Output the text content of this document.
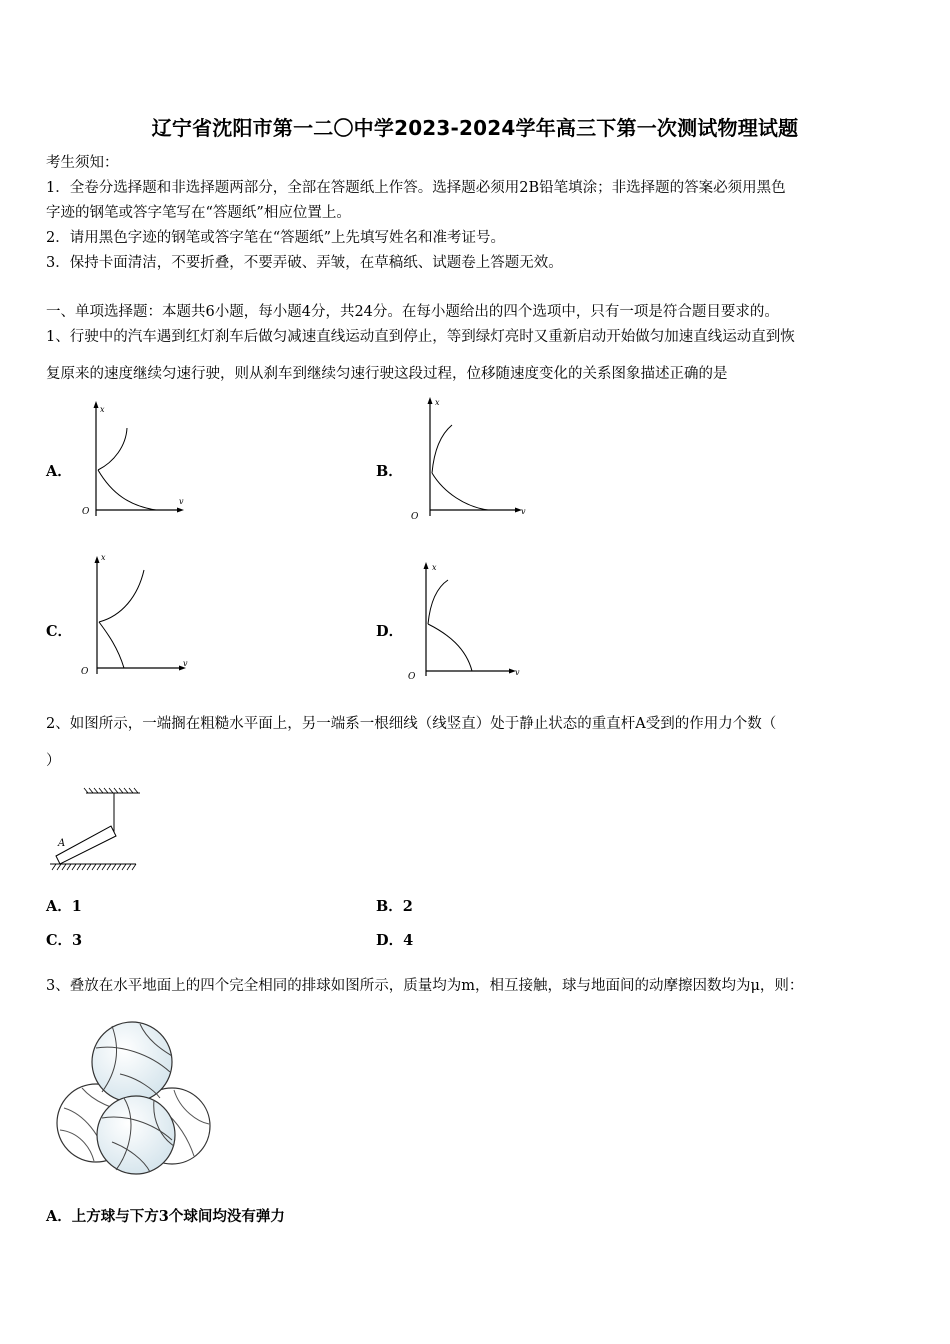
辽宁省沈阳市第一二〇中学2023-2024学年高三下第一次测试物理试题
考生须知：
1．全卷分选择题和非选择题两部分，全部在答题纸上作答。选择题必须用2B铅笔填涂；非选择题的答案必须用黑色
字迹的钢笔或答字笔写在“答题纸”相应位置上。
2．请用黑色字迹的钢笔或答字笔在“答题纸”上先填写姓名和准考证号。
3．保持卡面清洁，不要折叠，不要弄破、弄皱，在草稿纸、试题卷上答题无效。
一、单项选择题：本题共6小题，每小题4分，共24分。在每小题给出的四个选项中，只有一项是符合题目要求的。
1、行驶中的汽车遇到红灯刹车后做匀减速直线运动直到停止，等到绿灯亮时又重新启动开始做匀加速直线运动直到恢
复原来的速度继续匀速行驶，则从刹车到继续匀速行驶这段过程，位移随速度变化的关系图象描述正确的是
A．	B．
C．	D．
x
v
O
x
v
O
x
v
O
x
v
O
2、如图所示，一端搁在粗糙水平面上，另一端系一根细线（线竖直）处于静止状态的重直杆A受到的作用力个数（
）
A
A．1	B．2
C．3	D．4
3、叠放在水平地面上的四个完全相同的排球如图所示，质量均为m，相互接触，球与地面间的动摩擦因数均为μ，则：
A．上方球与下方3个球间均没有弹力
